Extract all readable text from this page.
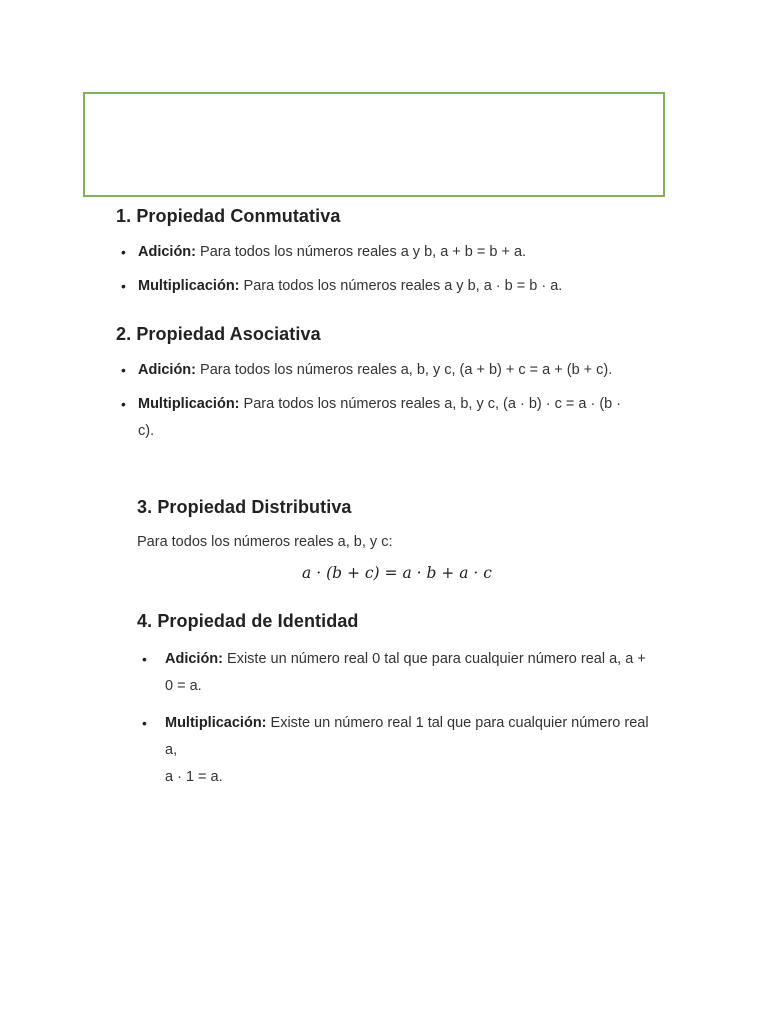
1. Propiedad Conmutativa
• Adición: Para todos los números reales a y b, a + b = b + a.
• Multiplicación: Para todos los números reales a y b, a · b = b · a.
2. Propiedad Asociativa
• Adición: Para todos los números reales a, b, y c, (a + b) + c = a + (b + c).
• Multiplicación: Para todos los números reales a, b, y c, (a · b) · c = a · (b ·
c).
3. Propiedad Distributiva
Para todos los números reales a, b, y c:
a · (b + c) = a · b + a · c
4. Propiedad de Identidad
• Adición: Existe un número real 0 tal que para cualquier número real a, a +
0 = a.
• Multiplicación: Existe un número real 1 tal que para cualquier número real a,
a · 1 = a.
